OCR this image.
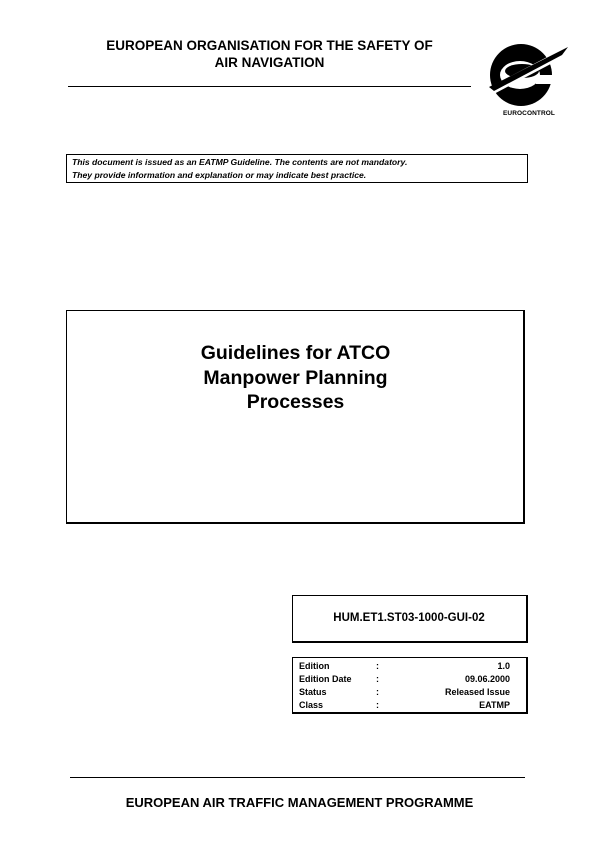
EUROPEAN ORGANISATION FOR THE SAFETY OF
AIR NAVIGATION
EUROCONTROL
This document is issued as an EATMP Guideline. The contents are not mandatory.
They provide information and explanation or may indicate best practice.
Guidelines for ATCO
Manpower Planning
Processes
HUM.ET1.ST03-1000-GUI-02
Edition	:	1.0
Edition Date	:	09.06.2000
Status	:	Released Issue
Class	:	EATMP
EUROPEAN AIR TRAFFIC MANAGEMENT PROGRAMME
